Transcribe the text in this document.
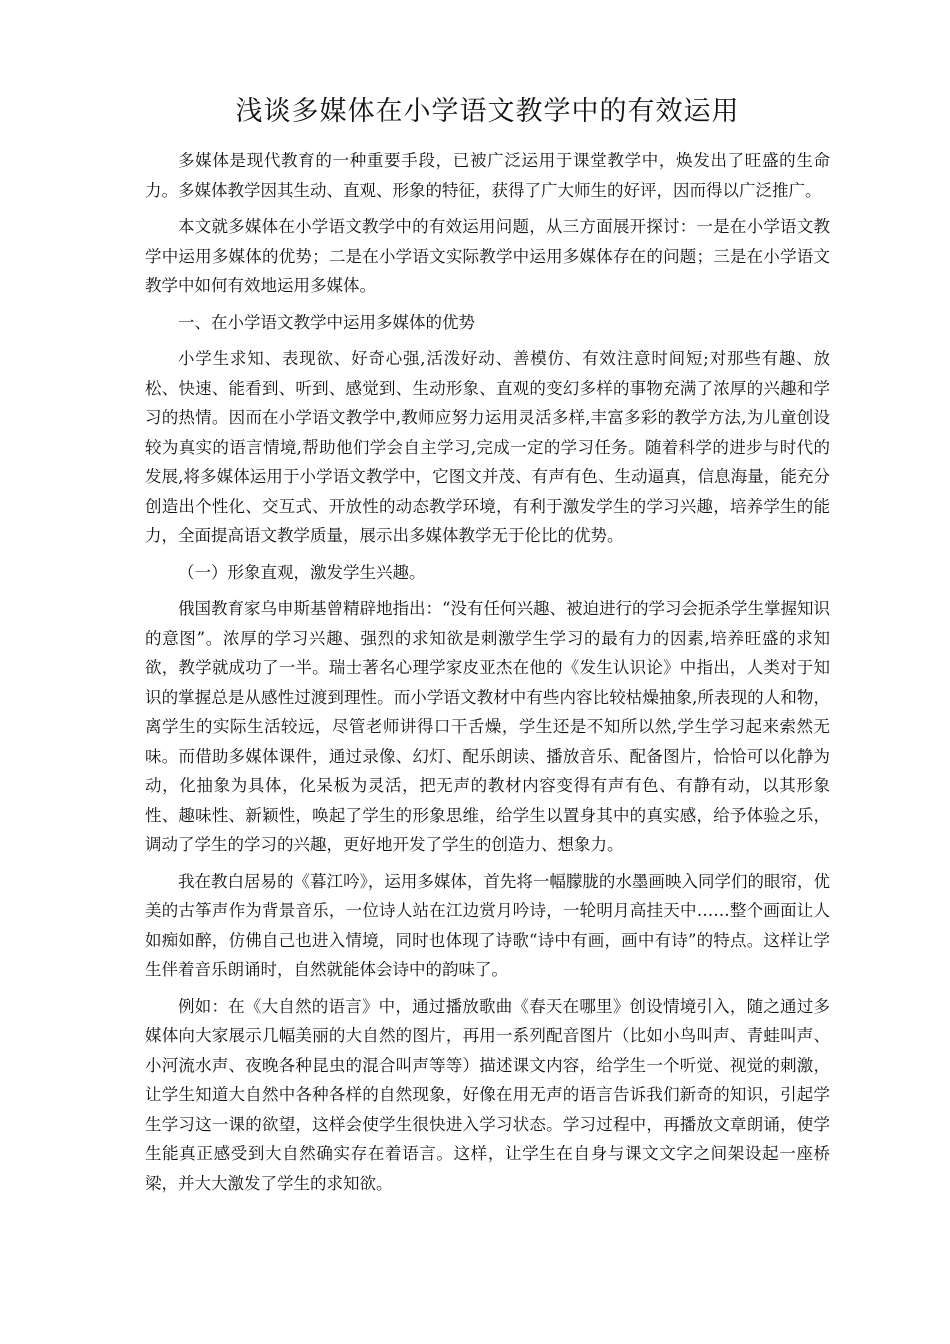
浅谈多媒体在小学语文教学中的有效运用

多媒体是现代教育的一种重要手段，已被广泛运用于课堂教学中，焕发出了旺盛的生命力。多媒体教学因其生动、直观、形象的特征，获得了广大师生的好评，因而得以广泛推广。

本文就多媒体在小学语文教学中的有效运用问题，从三方面展开探讨：一是在小学语文教学中运用多媒体的优势；二是在小学语文实际教学中运用多媒体存在的问题；三是在小学语文教学中如何有效地运用多媒体。

一、在小学语文教学中运用多媒体的优势

小学生求知、表现欲、好奇心强,活泼好动、善模仿、有效注意时间短;对那些有趣、放松、快速、能看到、听到、感觉到、生动形象、直观的变幻多样的事物充满了浓厚的兴趣和学习的热情。因而在小学语文教学中,教师应努力运用灵活多样,丰富多彩的教学方法,为儿童创设较为真实的语言情境,帮助他们学会自主学习,完成一定的学习任务。随着科学的进步与时代的发展,将多媒体运用于小学语文教学中，它图文并茂、有声有色、生动逼真，信息海量，能充分创造出个性化、交互式、开放性的动态教学环境，有利于激发学生的学习兴趣，培养学生的能力，全面提高语文教学质量，展示出多媒体教学无于伦比的优势。

（一）形象直观，激发学生兴趣。

俄国教育家乌申斯基曾精辟地指出：“没有任何兴趣、被迫进行的学习会扼杀学生掌握知识的意图”。浓厚的学习兴趣、强烈的求知欲是刺激学生学习的最有力的因素,培养旺盛的求知欲，教学就成功了一半。瑞士著名心理学家皮亚杰在他的《发生认识论》中指出，人类对于知识的掌握总是从感性过渡到理性。而小学语文教材中有些内容比较枯燥抽象,所表现的人和物，离学生的实际生活较远，尽管老师讲得口干舌燥，学生还是不知所以然,学生学习起来索然无味。而借助多媒体课件，通过录像、幻灯、配乐朗读、播放音乐、配备图片，恰恰可以化静为动，化抽象为具体，化呆板为灵活，把无声的教材内容变得有声有色、有静有动，以其形象性、趣味性、新颖性，唤起了学生的形象思维，给学生以置身其中的真实感，给予体验之乐，调动了学生的学习的兴趣，更好地开发了学生的创造力、想象力。

我在教白居易的《暮江吟》，运用多媒体，首先将一幅朦胧的水墨画映入同学们的眼帘，优美的古筝声作为背景音乐，一位诗人站在江边赏月吟诗，一轮明月高挂天中……整个画面让人如痴如醉，仿佛自己也进入情境，同时也体现了诗歌“诗中有画，画中有诗”的特点。这样让学生伴着音乐朗诵时，自然就能体会诗中的韵味了。

例如：在《大自然的语言》中，通过播放歌曲《春天在哪里》创设情境引入，随之通过多媒体向大家展示几幅美丽的大自然的图片，再用一系列配音图片（比如小鸟叫声、青蛙叫声、小河流水声、夜晚各种昆虫的混合叫声等等）描述课文内容，给学生一个听觉、视觉的刺激，让学生知道大自然中各种各样的自然现象，好像在用无声的语言告诉我们新奇的知识，引起学生学习这一课的欲望，这样会使学生很快进入学习状态。学习过程中，再播放文章朗诵，使学生能真正感受到大自然确实存在着语言。这样，让学生在自身与课文文字之间架设起一座桥梁，并大大激发了学生的求知欲。
